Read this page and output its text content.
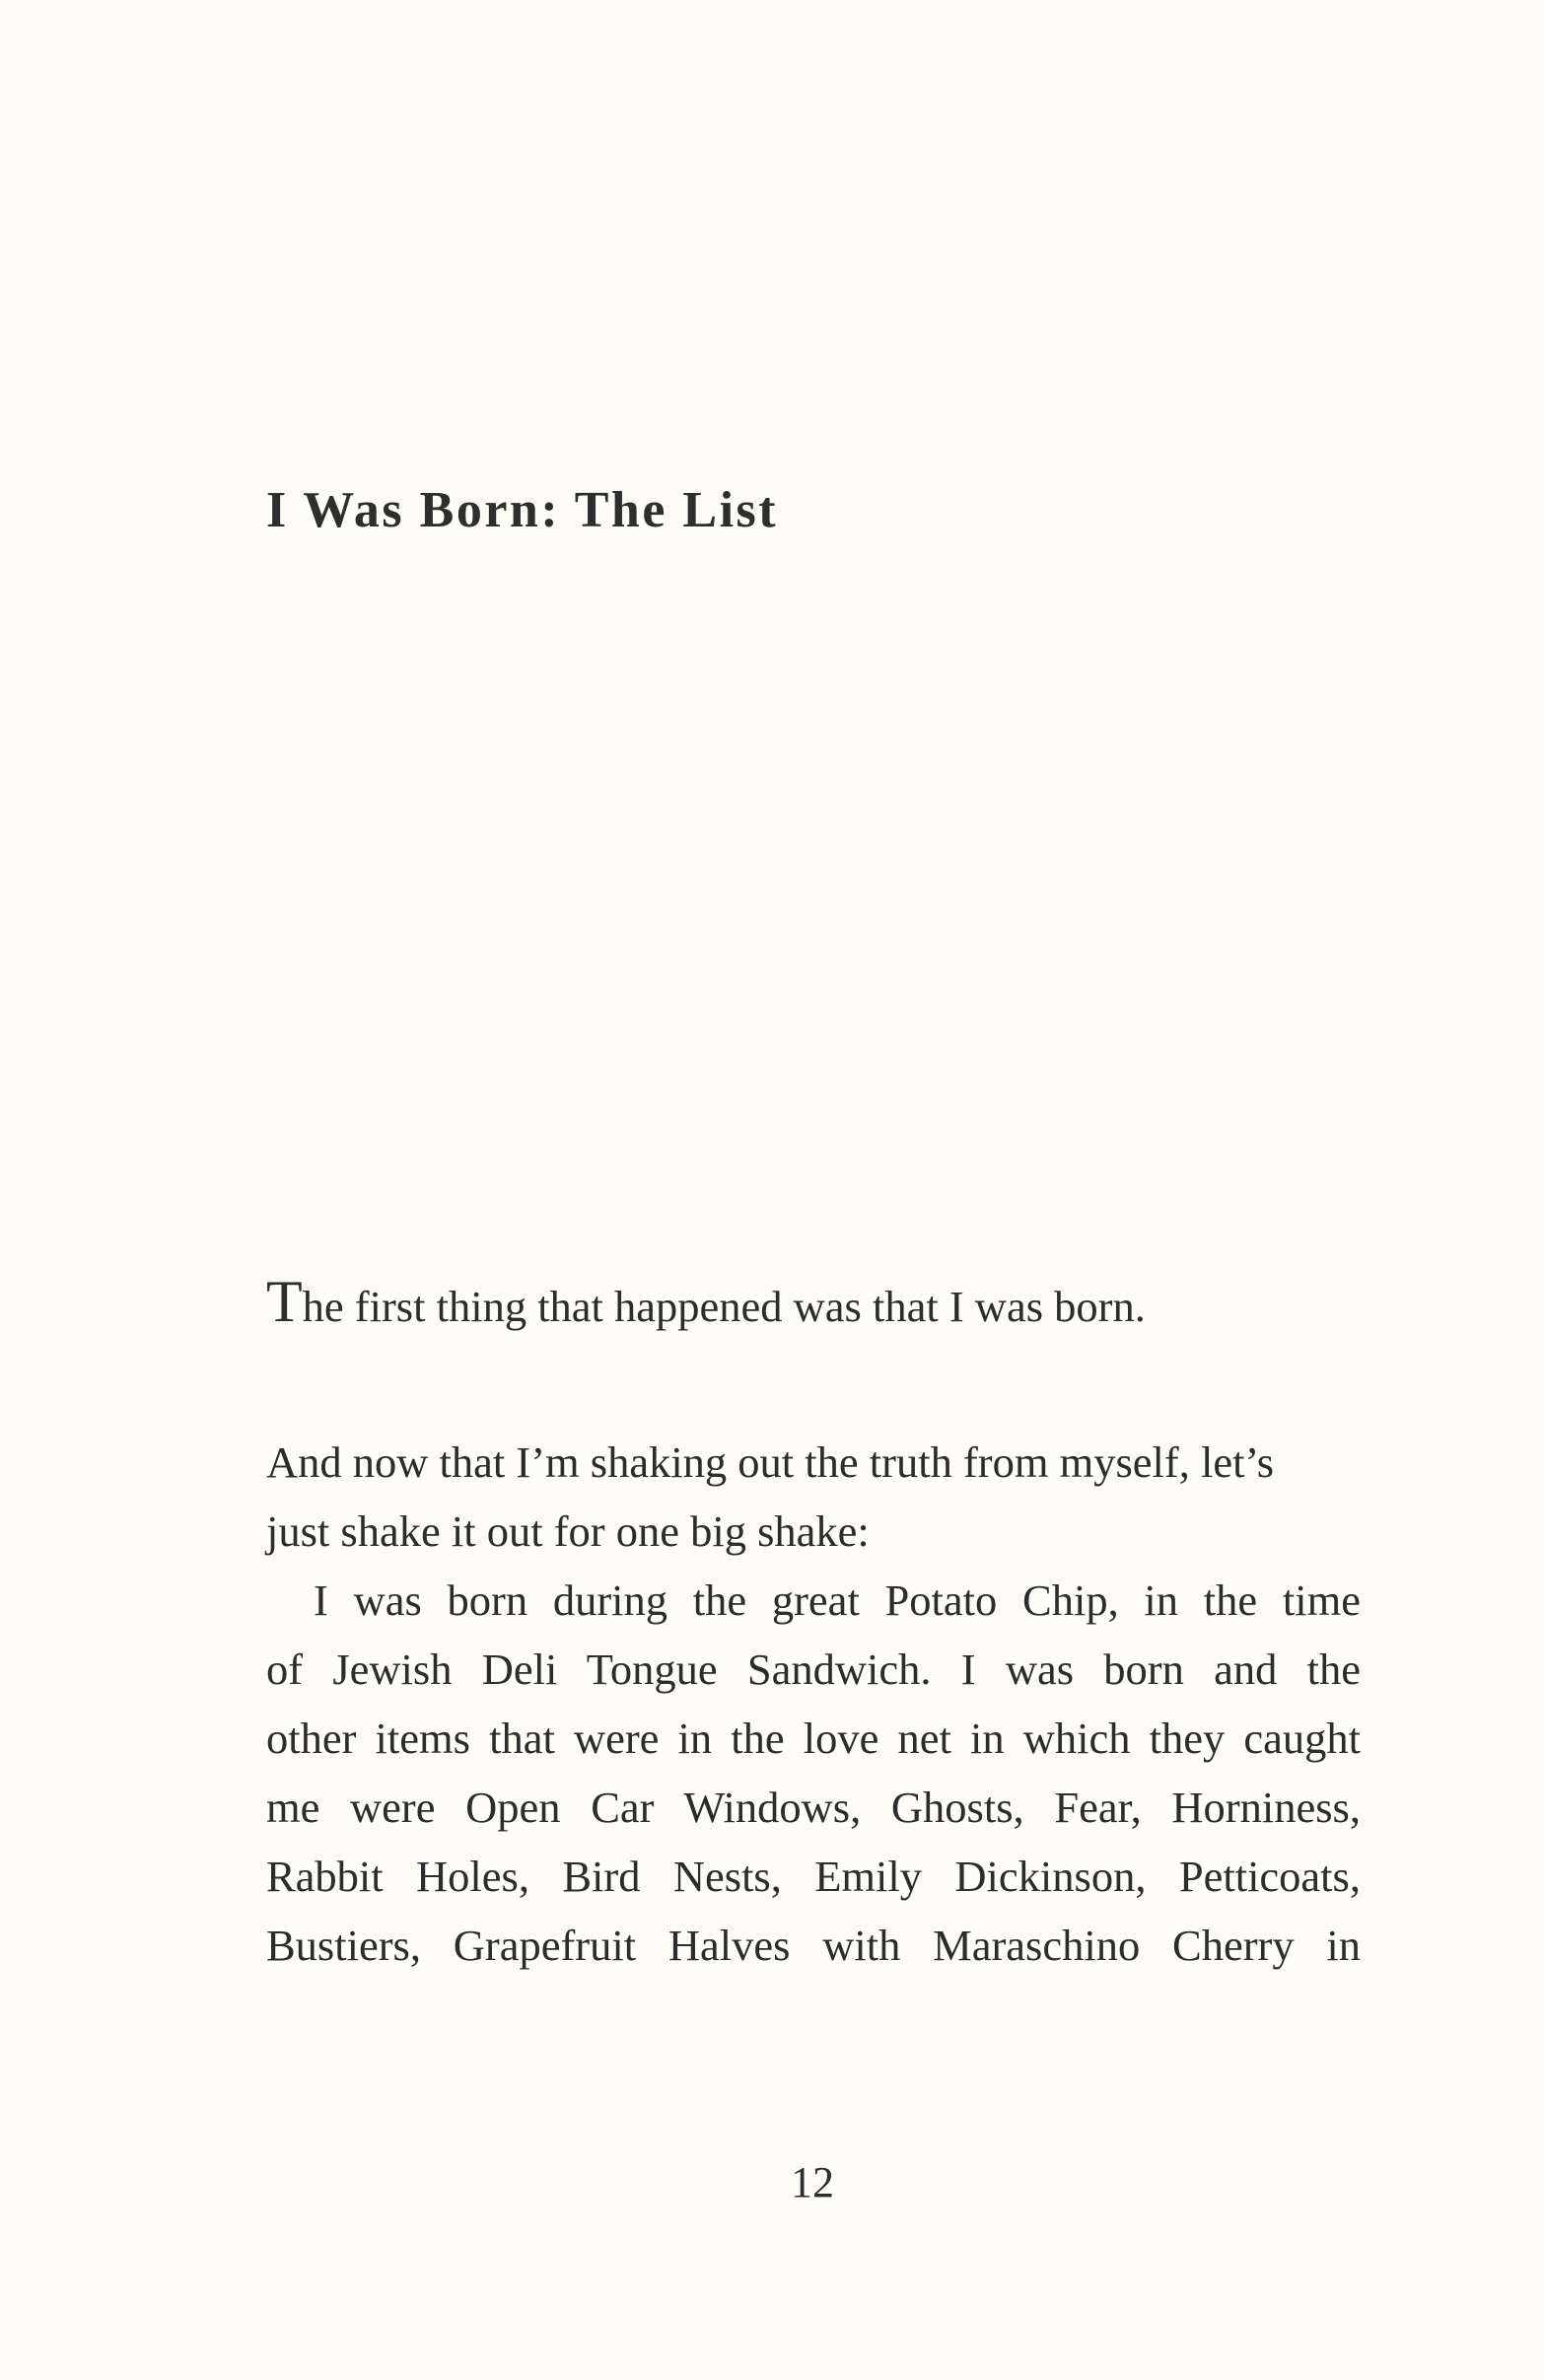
I Was Born: The List
The first thing that happened was that I was born.
And now that I’m shaking out the truth from myself, let’s
just shake it out for one big shake:
I was born during the great Potato Chip, in the time
of Jewish Deli Tongue Sandwich. I was born and the
other items that were in the love net in which they caught
me were Open Car Windows, Ghosts, Fear, Horniness,
Rabbit Holes, Bird Nests, Emily Dickinson, Petticoats,
Bustiers, Grapefruit Halves with Maraschino Cherry in
12
